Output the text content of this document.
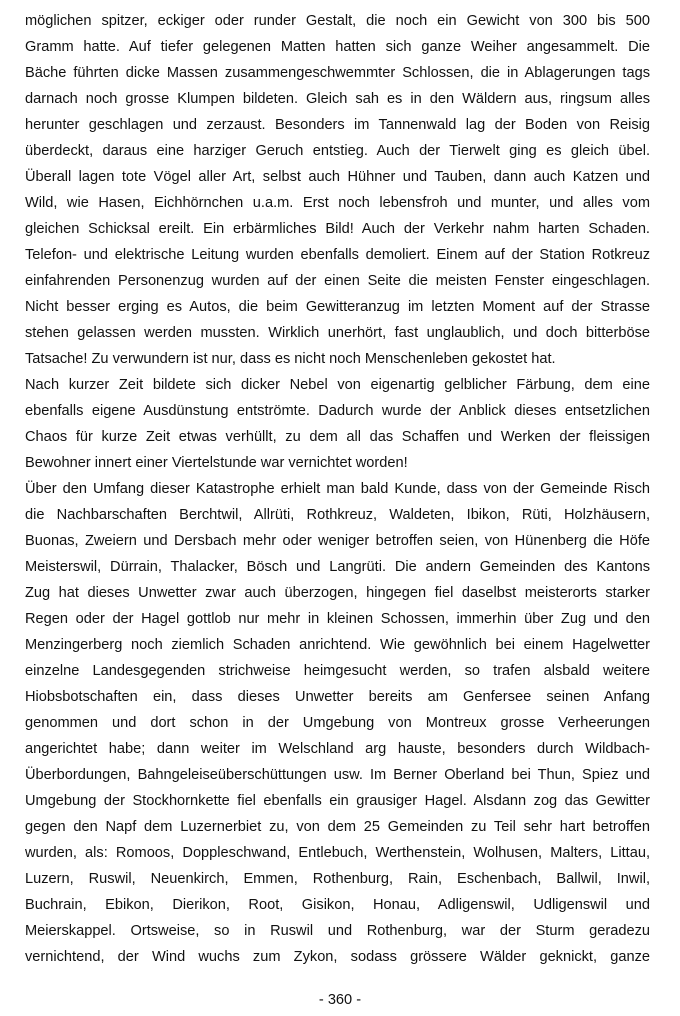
möglichen spitzer, eckiger oder runder Gestalt, die noch ein Gewicht von 300 bis 500
Gramm hatte. Auf tiefer gelegenen Matten hatten sich ganze Weiher angesammelt. Die
Bäche führten dicke Massen zusammengeschwemmter Schlossen, die in Ablagerungen tags
darnach noch grosse Klumpen bildeten. Gleich sah es in den Wäldern aus, ringsum alles
herunter geschlagen und zerzaust. Besonders im Tannenwald lag der Boden von Reisig
überdeckt, daraus eine harziger Geruch entstieg. Auch der Tierwelt ging es gleich übel.
Überall lagen tote Vögel aller Art, selbst auch Hühner und Tauben, dann auch Katzen und
Wild, wie Hasen, Eichhörnchen u.a.m. Erst noch lebensfroh und munter, und alles vom
gleichen Schicksal ereilt. Ein erbärmliches Bild! Auch der Verkehr nahm harten Schaden.
Telefon- und elektrische Leitung wurden ebenfalls demoliert. Einem auf der Station Rotkreuz
einfahrenden Personenzug wurden auf der einen Seite die meisten Fenster eingeschlagen.
Nicht besser erging es Autos, die beim Gewitteranzug im letzten Moment auf der Strasse
stehen gelassen werden mussten. Wirklich unerhört, fast unglaublich, und doch bitterböse
Tatsache! Zu verwundern ist nur, dass es nicht noch Menschenleben gekostet hat.
Nach kurzer Zeit bildete sich dicker Nebel von eigenartig gelblicher Färbung, dem eine
ebenfalls eigene Ausdünstung entströmte. Dadurch wurde der Anblick dieses entsetzlichen
Chaos für kurze Zeit etwas verhüllt, zu dem all das Schaffen und Werken der fleissigen
Bewohner innert einer Viertelstunde war vernichtet worden!
Über den Umfang dieser Katastrophe erhielt man bald Kunde, dass von der Gemeinde Risch
die Nachbarschaften Berchtwil, Allrüti, Rothkreuz, Waldeten, Ibikon, Rüti, Holzhäusern,
Buonas, Zweiern und Dersbach mehr oder weniger betroffen seien, von Hünenberg die Höfe
Meisterswil, Dürrain, Thalacker, Bösch und Langrüti. Die andern Gemeinden des Kantons
Zug hat dieses Unwetter zwar auch überzogen, hingegen fiel daselbst meisterorts starker
Regen oder der Hagel gottlob nur mehr in kleinen Schossen, immerhin über Zug und den
Menzingerberg noch ziemlich Schaden anrichtend. Wie gewöhnlich bei einem Hagelwetter
einzelne Landesgegenden strichweise heimgesucht werden, so trafen alsbald weitere
Hiobsbotschaften ein, dass dieses Unwetter bereits am Genfersee seinen Anfang
genommen und dort schon in der Umgebung von Montreux grosse Verheerungen
angerichtet habe; dann weiter im Welschland arg hauste, besonders durch Wildbach-
Überbordungen, Bahngeleiseüberschüttungen usw. Im Berner Oberland bei Thun, Spiez und
Umgebung der Stockhornkette fiel ebenfalls ein grausiger Hagel. Alsdann zog das Gewitter
gegen den Napf dem Luzernerbiet zu, von dem 25 Gemeinden zu Teil sehr hart betroffen
wurden, als: Romoos, Doppleschwand, Entlebuch, Werthenstein, Wolhusen, Malters, Littau,
Luzern, Ruswil, Neuenkirch, Emmen, Rothenburg, Rain, Eschenbach, Ballwil, Inwil,
Buchrain, Ebikon, Dierikon, Root, Gisikon, Honau, Adligenswil, Udligenswil und
Meierskappel. Ortsweise, so in Ruswil und Rothenburg, war der Sturm geradezu
vernichtend, der Wind wuchs zum Zykon, sodass grössere Wälder geknickt, ganze
- 360 -
